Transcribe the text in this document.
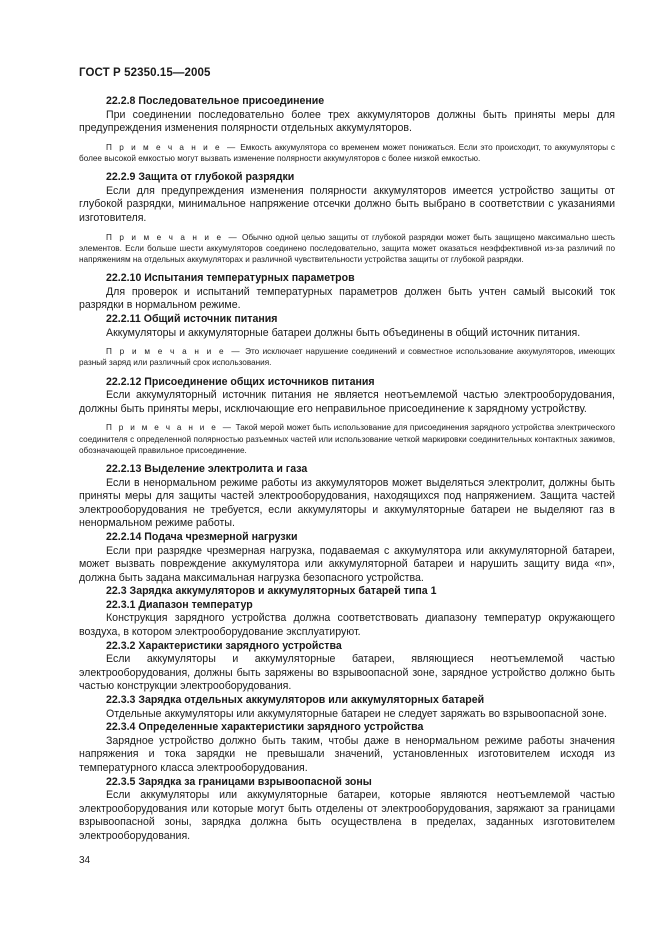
ГОСТ Р 52350.15—2005

22.2.8 Последовательное присоединение

При соединении последовательно более трех аккумуляторов должны быть приняты меры для предупреждения изменения полярности отдельных аккумуляторов.

П р и м е ч а н и е — Емкость аккумулятора со временем может понижаться. Если это происходит, то аккумуляторы с более высокой емкостью могут вызвать изменение полярности аккумуляторов с более низкой емкостью.

22.2.9 Защита от глубокой разрядки

Если для предупреждения изменения полярности аккумуляторов имеется устройство защиты от глубокой разрядки, минимальное напряжение отсечки должно быть выбрано в соответствии с указаниями изготовителя.

П р и м е ч а н и е — Обычно одной целью защиты от глубокой разрядки может быть защищено максимально шесть элементов. Если больше шести аккумуляторов соединено последовательно, защита может оказаться неэффективной из-за различий по напряжениям на отдельных аккумуляторах и различной чувствительности устройства защиты от глубокой разрядки.

22.2.10 Испытания температурных параметров

Для проверок и испытаний температурных параметров должен быть учтен самый высокий ток разрядки в нормальном режиме.

22.2.11 Общий источник питания

Аккумуляторы и аккумуляторные батареи должны быть объединены в общий источник питания.

П р и м е ч а н и е — Это исключает нарушение соединений и совместное использование аккумуляторов, имеющих разный заряд или различный срок использования.

22.2.12 Присоединение общих источников питания

Если аккумуляторный источник питания не является неотъемлемой частью электрооборудования, должны быть приняты меры, исключающие его неправильное присоединение к зарядному устройству.

П р и м е ч а н и е — Такой мерой может быть использование для присоединения зарядного устройства электрического соединителя с определенной полярностью разъемных частей или использование четкой маркировки соединительных контактных зажимов, обозначающей правильное присоединение.

22.2.13 Выделение электролита и газа

Если в ненормальном режиме работы из аккумуляторов может выделяться электролит, должны быть приняты меры для защиты частей электрооборудования, находящихся под напряжением. Защита частей электрооборудования не требуется, если аккумуляторы и аккумуляторные батареи не выделяют газ в ненормальном режиме работы.

22.2.14 Подача чрезмерной нагрузки

Если при разрядке чрезмерная нагрузка, подаваемая с аккумулятора или аккумуляторной батареи, может вызвать повреждение аккумулятора или аккумуляторной батареи и нарушить защиту вида «n», должна быть задана максимальная нагрузка безопасного устройства.

22.3 Зарядка аккумуляторов и аккумуляторных батарей типа 1

22.3.1 Диапазон температур

Конструкция зарядного устройства должна соответствовать диапазону температур окружающего воздуха, в котором электрооборудование эксплуатируют.

22.3.2 Характеристики зарядного устройства

Если аккумуляторы и аккумуляторные батареи, являющиеся неотъемлемой частью электрооборудования, должны быть заряжены во взрывоопасной зоне, зарядное устройство должно быть частью конструкции электрооборудования.

22.3.3 Зарядка отдельных аккумуляторов или аккумуляторных батарей

Отдельные аккумуляторы или аккумуляторные батареи не следует заряжать во взрывоопасной зоне.

22.3.4 Определенные характеристики зарядного устройства

Зарядное устройство должно быть таким, чтобы даже в ненормальном режиме работы значения напряжения и тока зарядки не превышали значений, установленных изготовителем исходя из температурного класса электрооборудования.

22.3.5 Зарядка за границами взрывоопасной зоны

Если аккумуляторы или аккумуляторные батареи, которые являются неотъемлемой частью электрооборудования или которые могут быть отделены от электрооборудования, заряжают за границами взрывоопасной зоны, зарядка должна быть осуществлена в пределах, заданных изготовителем электрооборудования.

34
